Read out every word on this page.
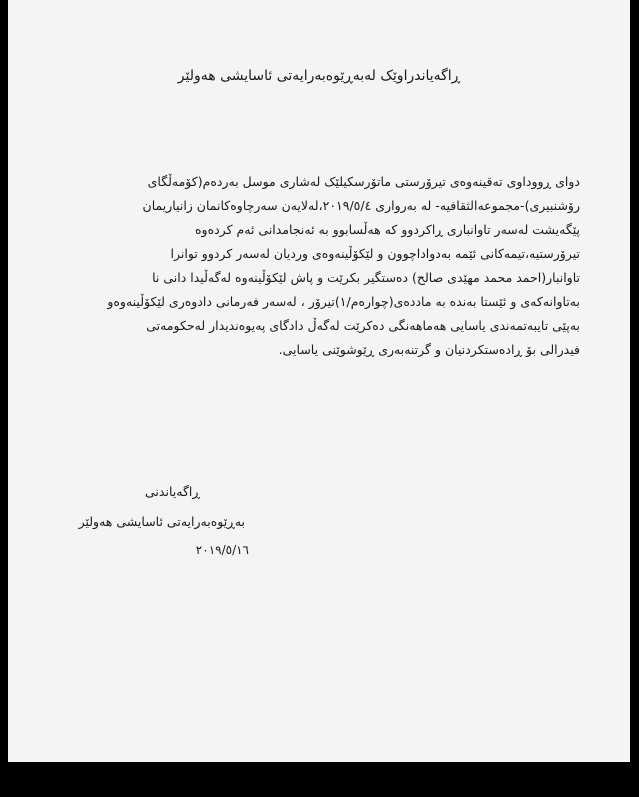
ڕاگەیاندراوێک لەبەڕێوەبەرایەتی ئاسایشی هەولێر
دوای ڕووداوی تەقینەوەی تیرۆرستی ماتۆرسکیلێک لەشاری موسل بەردەم(کۆمەڵگای
رۆشنبیری)-مجموعەالثقافیە- لە بەرواری ٢٠١٩/٥/٤،لەلایەن سەرچاوەکانمان زانیاریمان
پێگەیشت لەسەر تاوانباری ڕاکردوو کە هەڵسابوو بە ئەنجامدانی ئەم کردەوە
تیرۆرستیە،تیمەکانی ئێمە بەدواداچوون و لێکۆڵینەوەی وردیان لەسەر کردوو توانرا
تاوانبار(احمد محمد مهێدی صالح) دەستگیر بکرێت و پاش لێکۆڵینەوە لەگەڵیدا دانی نا
بەتاوانەکەی و ئێستا بەندە بە ماددەی(چوارەم/١)تیرۆر ، لەسەر فەرمانی دادوەری لێکۆڵینەوەو
بەپێی تایبەتمەندی یاسایی هەماهەنگی دەکرێت لەگەڵ دادگای پەیوەندیدار لەحکومەتی
فیدرالی بۆ ڕادەستکردنیان و گرتنەبەری ڕێوشوێنی یاسایی.
ڕاگەیاندنی
بەڕێوەبەرایەتی ئاسایشی هەولێر
٢٠١٩/٥/١٦
